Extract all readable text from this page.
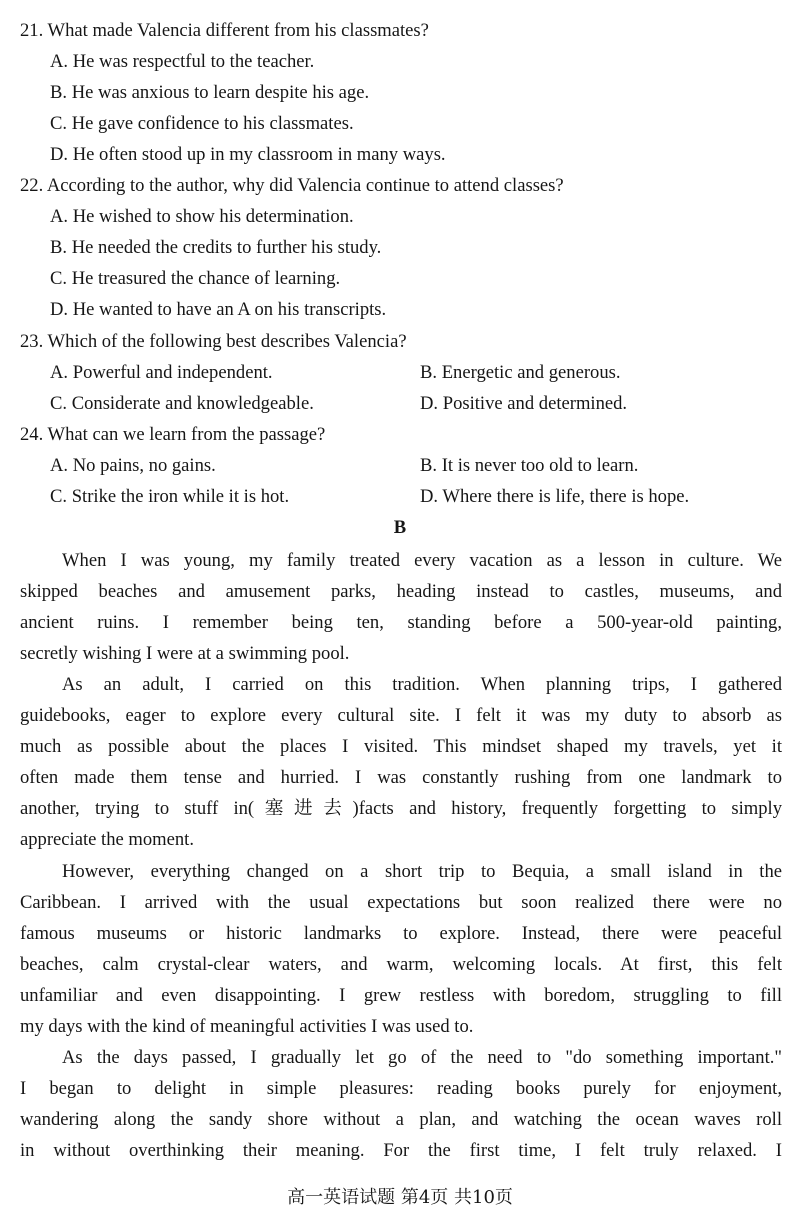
21. What made Valencia different from his classmates?
A. He was respectful to the teacher.
B. He was anxious to learn despite his age.
C. He gave confidence to his classmates.
D. He often stood up in my classroom in many ways.
22. According to the author, why did Valencia continue to attend classes?
A. He wished to show his determination.
B. He needed the credits to further his study.
C. He treasured the chance of learning.
D. He wanted to have an A on his transcripts.
23. Which of the following best describes Valencia?
A. Powerful and independent.	B. Energetic and generous.
C. Considerate and knowledgeable.	D. Positive and determined.
24. What can we learn from the passage?
A. No pains, no gains.	B. It is never too old to learn.
C. Strike the iron while it is hot.	D. Where there is life, there is hope.
B
When I was young, my family treated every vacation as a lesson in culture. We
skipped beaches and amusement parks, heading instead to castles, museums, and
ancient ruins. I remember being ten, standing before a 500-year-old painting,
secretly wishing I were at a swimming pool.
As an adult, I carried on this tradition. When planning trips, I gathered
guidebooks, eager to explore every cultural site. I felt it was my duty to absorb as
much as possible about the places I visited. This mindset shaped my travels, yet it
often made them tense and hurried. I was constantly rushing from one landmark to
another, trying to stuff in(塞进去)facts and history, frequently forgetting to simply
appreciate the moment.
However, everything changed on a short trip to Bequia, a small island in the
Caribbean. I arrived with the usual expectations but soon realized there were no
famous museums or historic landmarks to explore. Instead, there were peaceful
beaches, calm crystal-clear waters, and warm, welcoming locals. At first, this felt
unfamiliar and even disappointing. I grew restless with boredom, struggling to fill
my days with the kind of meaningful activities I was used to.
As the days passed, I gradually let go of the need to "do something important."
I began to delight in simple pleasures: reading books purely for enjoyment,
wandering along the sandy shore without a plan, and watching the ocean waves roll
in without overthinking their meaning. For the first time, I felt truly relaxed. I
高一英语试题 第4页 共10页
